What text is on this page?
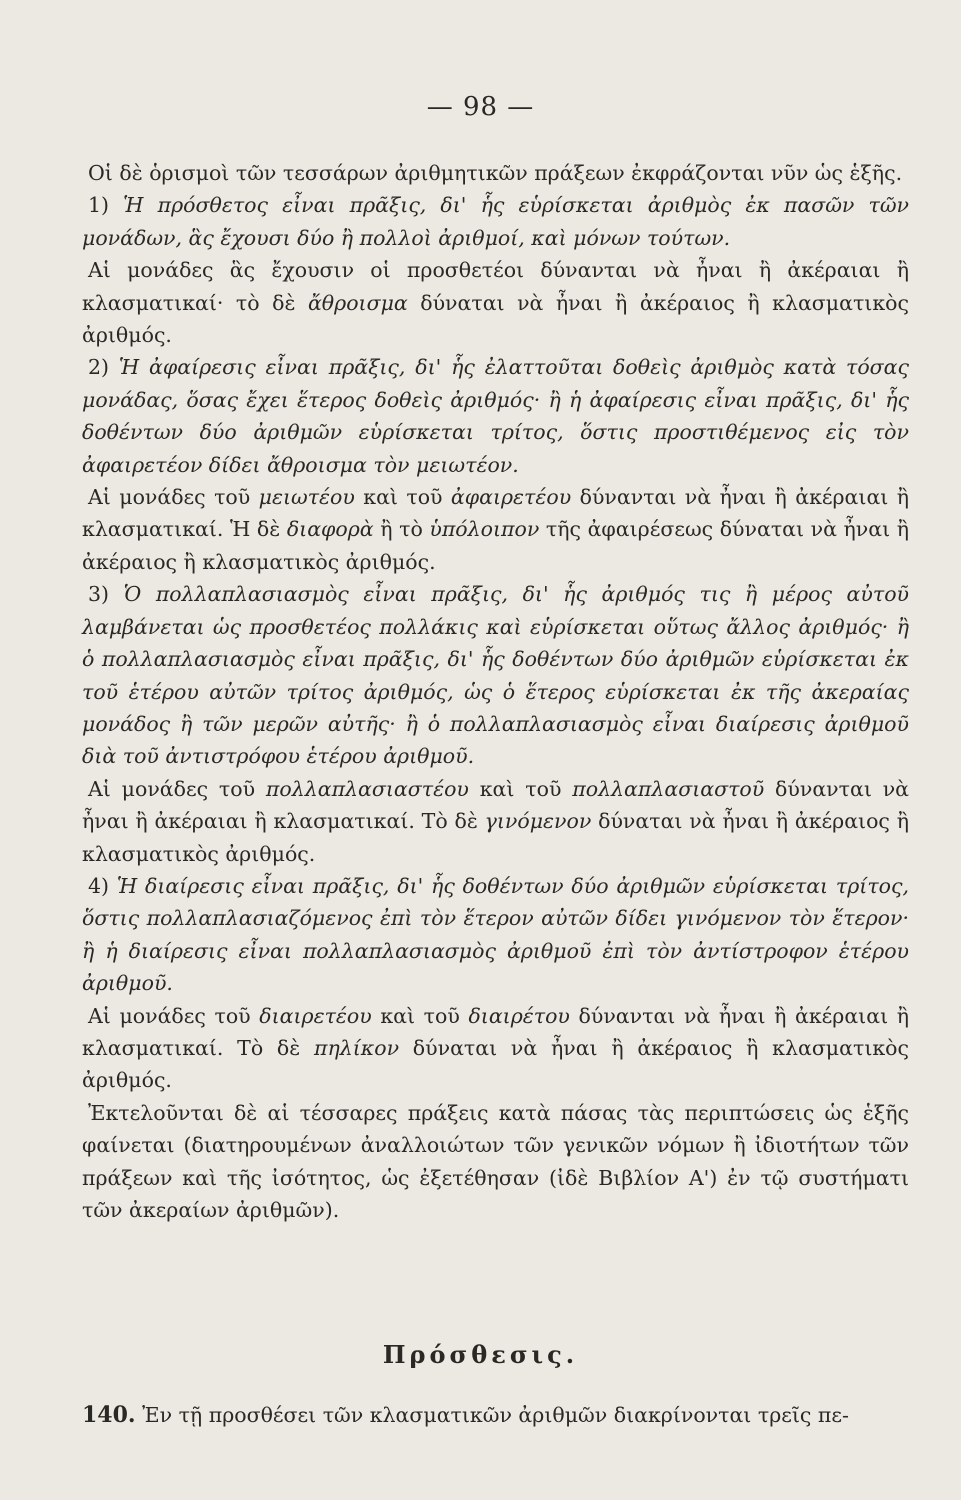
— 98 —

Οἱ δὲ ὁρισμοὶ τῶν τεσσάρων ἀριθμητικῶν πράξεων ἐκφράζονται νῦν ὡς ἑξῆς.

1) Ἡ πρόσθετος εἶναι πρᾶξις, δι' ἧς εὑρίσκεται ἀριθμὸς ἐκ πασῶν τῶν μονάδων, ἃς ἔχουσι δύο ἢ πολλοὶ ἀριθμοί, καὶ μόνων τούτων.

Αἱ μονάδες ἃς ἔχουσιν οἱ προσθετέοι δύνανται νὰ ἦναι ἢ ἀκέραιαι ἢ κλασματικαί· τὸ δὲ ἄθροισμα δύναται νὰ ἦναι ἢ ἀκέραιος ἢ κλασματικὸς ἀριθμός.

2) Ἡ ἀφαίρεσις εἶναι πρᾶξις, δι' ἧς ἐλαττοῦται δοθεὶς ἀριθμὸς κατὰ τόσας μονάδας, ὅσας ἔχει ἕτερος δοθεὶς ἀριθμός· ἢ ἡ ἀφαίρεσις εἶναι πρᾶξις, δι' ἧς δοθέντων δύο ἀριθμῶν εὑρίσκεται τρίτος, ὅστις προστιθέμενος εἰς τὸν ἀφαιρετέον δίδει ἄθροισμα τὸν μειωτέον.

Αἱ μονάδες τοῦ μειωτέου καὶ τοῦ ἀφαιρετέου δύνανται νὰ ἦναι ἢ ἀκέραιαι ἢ κλασματικαί. Ἡ δὲ διαφορὰ ἢ τὸ ὑπόλοιπον τῆς ἀφαιρέσεως δύναται νὰ ἦναι ἢ ἀκέραιος ἢ κλασματικὸς ἀριθμός.

3) Ὁ πολλαπλασιασμὸς εἶναι πρᾶξις, δι' ἧς ἀριθμός τις ἢ μέρος αὐτοῦ λαμβάνεται ὡς προσθετέος πολλάκις καὶ εὑρίσκεται οὕτως ἄλλος ἀριθμός· ἢ ὁ πολλαπλασιασμὸς εἶναι πρᾶξις, δι' ἧς δοθέντων δύο ἀριθμῶν εὑρίσκεται ἐκ τοῦ ἑτέρου αὐτῶν τρίτος ἀριθμός, ὡς ὁ ἕτερος εὑρίσκεται ἐκ τῆς ἀκεραίας μονάδος ἢ τῶν μερῶν αὐτῆς· ἢ ὁ πολλαπλασιασμὸς εἶναι διαίρεσις ἀριθμοῦ διὰ τοῦ ἀντιστρόφου ἑτέρου ἀριθμοῦ.

Αἱ μονάδες τοῦ πολλαπλασιαστέου καὶ τοῦ πολλαπλασιαστοῦ δύνανται νὰ ἦναι ἢ ἀκέραιαι ἢ κλασματικαί. Τὸ δὲ γινόμενον δύναται νὰ ἦναι ἢ ἀκέραιος ἢ κλασματικὸς ἀριθμός.

4) Ἡ διαίρεσις εἶναι πρᾶξις, δι' ἧς δοθέντων δύο ἀριθμῶν εὑρίσκεται τρίτος, ὅστις πολλαπλασιαζόμενος ἐπὶ τὸν ἕτερον αὐτῶν δίδει γινόμενον τὸν ἕτερον· ἢ ἡ διαίρεσις εἶναι πολλαπλασιασμὸς ἀριθμοῦ ἐπὶ τὸν ἀντίστροφον ἑτέρου ἀριθμοῦ.

Αἱ μονάδες τοῦ διαιρετέου καὶ τοῦ διαιρέτου δύνανται νὰ ἦναι ἢ ἀκέραιαι ἢ κλασματικαί. Τὸ δὲ πηλίκον δύναται νὰ ἦναι ἢ ἀκέραιος ἢ κλασματικὸς ἀριθμός.

Ἐκτελοῦνται δὲ αἱ τέσσαρες πράξεις κατὰ πάσας τὰς περιπτώσεις ὡς ἑξῆς φαίνεται (διατηρουμένων ἀναλλοιώτων τῶν γενικῶν νόμων ἢ ἰδιοτήτων τῶν πράξεων καὶ τῆς ἰσότητος, ὡς ἐξετέθησαν (ἰδὲ Βιβλίον Α') ἐν τῷ συστήματι τῶν ἀκεραίων ἀριθμῶν).

Πρόσθεσις.

140. Ἐν τῇ προσθέσει τῶν κλασματικῶν ἀριθμῶν διακρίνονται τρεῖς πε-
